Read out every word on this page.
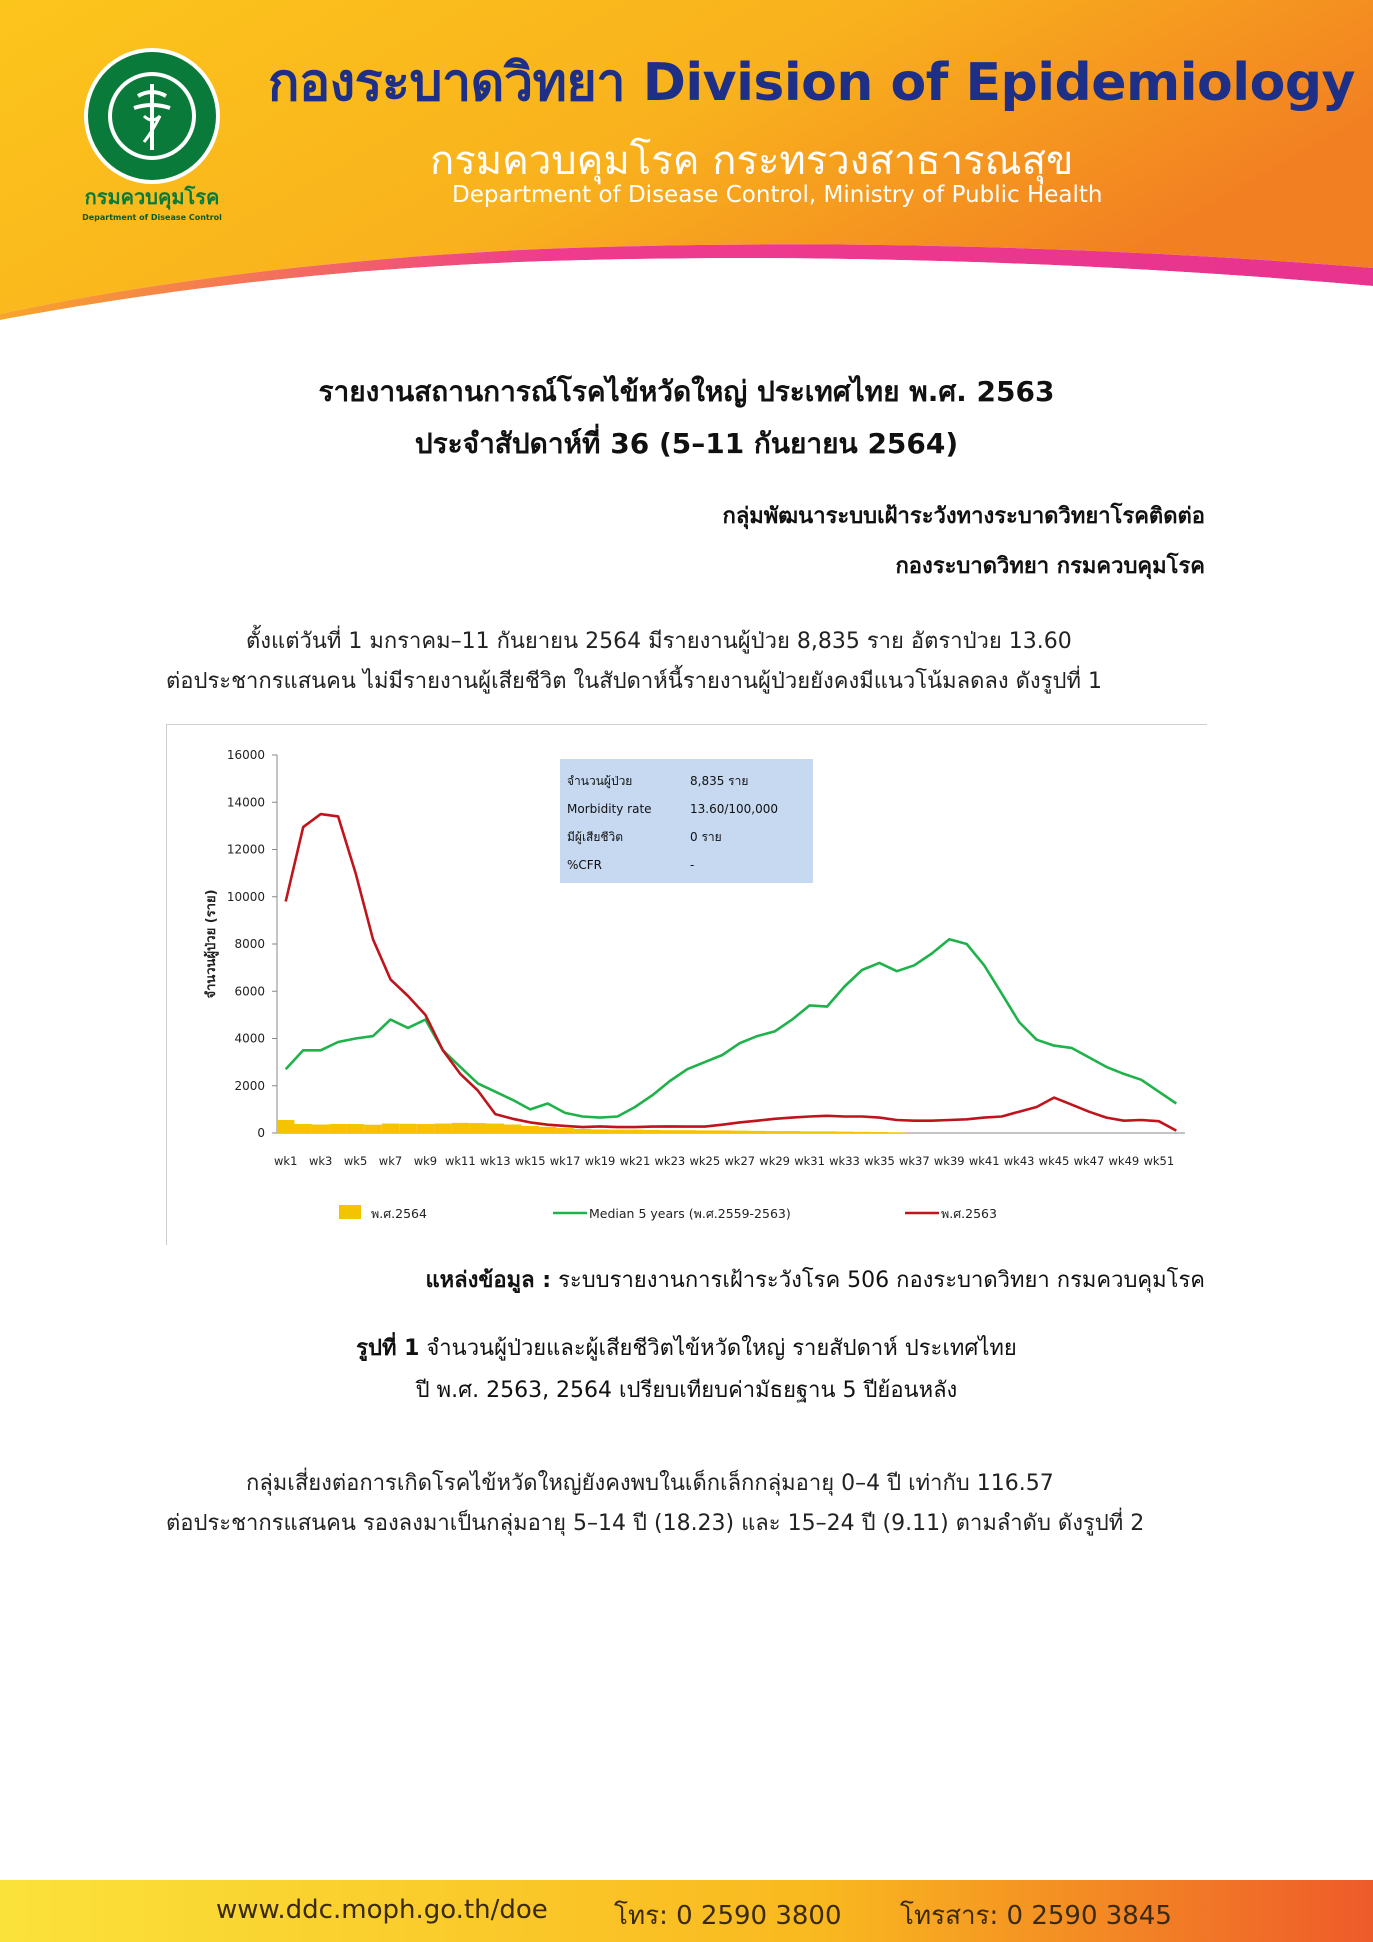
กรมควบคุมโรค
Department of Disease Control
กองระบาดวิทยา Division of Epidemiology
กรมควบคุมโรค กระทรวงสาธารณสุข
Department of Disease Control, Ministry of Public Health
รายงานสถานการณ์โรคไข้หวัดใหญ่ ประเทศไทย พ.ศ. 2563
ประจำสัปดาห์ที่ 36 (5–11 กันยายน 2564)
กลุ่มพัฒนาระบบเฝ้าระวังทางระบาดวิทยาโรคติดต่อ
กองระบาดวิทยา กรมควบคุมโรค
ตั้งแต่วันที่ 1 มกราคม–11 กันยายน 2564 มีรายงานผู้ป่วย 8,835 ราย อัตราป่วย 13.60
ต่อประชากรแสนคน ไม่มีรายงานผู้เสียชีวิต ในสัปดาห์นี้รายงานผู้ป่วยยังคงมีแนวโน้มลดลง ดังรูปที่ 1
0
2000
4000
6000
8000
10000
12000
14000
16000
จำนวนผู้ป่วย (ราย)
wk1 wk3 wk5 wk7 wk9 wk11 wk13 wk15 wk17 wk19 wk21 wk23 wk25 wk27 wk29 wk31 wk33 wk35 wk37 wk39 wk41 wk43 wk45 wk47 wk49 wk51
จำนวนผู้ป่วย	8,835 ราย
Morbidity rate	13.60/100,000
มีผู้เสียชีวิต	0 ราย
%CFR	-
พ.ศ.2564	Median 5 years (พ.ศ.2559-2563)	พ.ศ.2563
แหล่งข้อมูล : ระบบรายงานการเฝ้าระวังโรค 506 กองระบาดวิทยา กรมควบคุมโรค
รูปที่ 1 จำนวนผู้ป่วยและผู้เสียชีวิตไข้หวัดใหญ่ รายสัปดาห์ ประเทศไทย
ปี พ.ศ. 2563, 2564 เปรียบเทียบค่ามัธยฐาน 5 ปีย้อนหลัง
กลุ่มเสี่ยงต่อการเกิดโรคไข้หวัดใหญ่ยังคงพบในเด็กเล็กกลุ่มอายุ 0–4 ปี เท่ากับ 116.57
ต่อประชากรแสนคน รองลงมาเป็นกลุ่มอายุ 5–14 ปี (18.23) และ 15–24 ปี (9.11) ตามลำดับ ดังรูปที่ 2
www.ddc.moph.go.th/doe	โทร: 0 2590 3800 โทรสาร: 0 2590 3845
